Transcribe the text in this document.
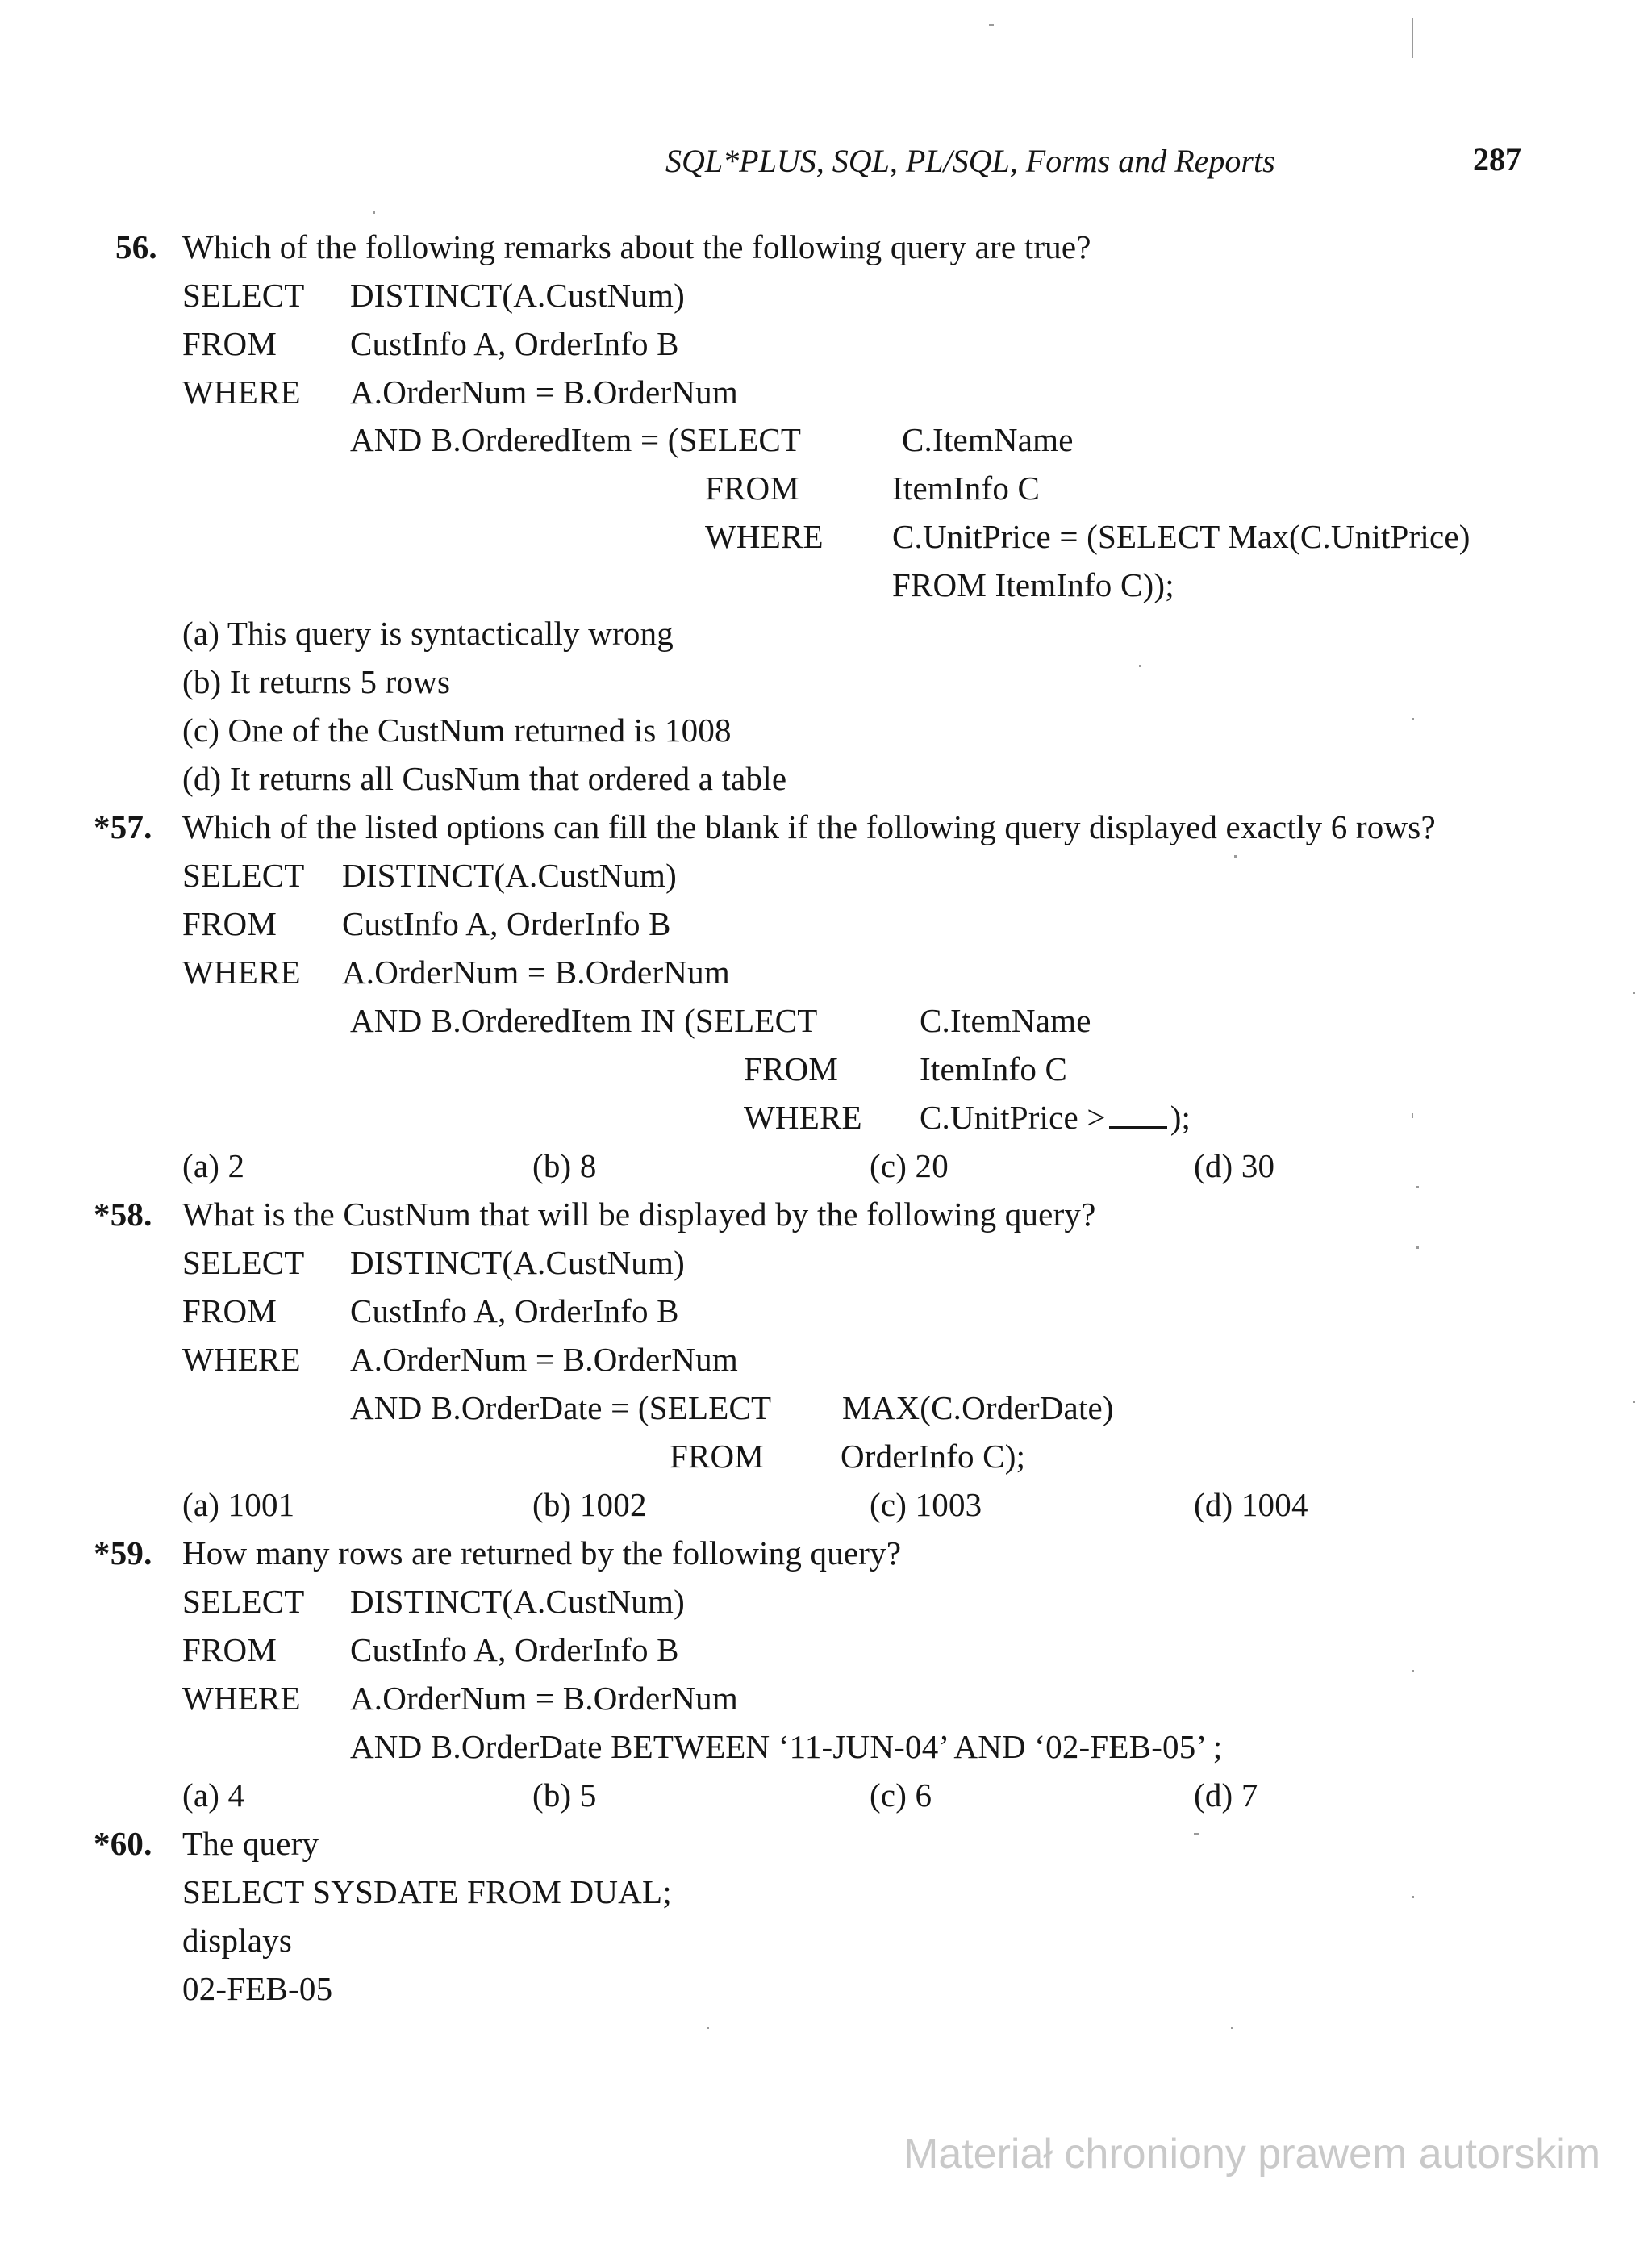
SQL*PLUS, SQL, PL/SQL, Forms and Reports	287
56. Which of the following remarks about the following query are true?
SELECT DISTINCT(A.CustNum)
FROM CustInfo A, OrderInfo B
WHERE A.OrderNum = B.OrderNum
AND B.OrderedItem = (SELECT	C.ItemName
FROM	ItemInfo C
WHERE C.UnitPrice = (SELECT Max(C.UnitPrice)
FROM ItemInfo C));
(a) This query is syntactically wrong
(b) It returns 5 rows
(c) One of the CustNum returned is 1008
(d) It returns all CusNum that ordered a table
*57. Which of the listed options can fill the blank if the following query displayed exactly 6 rows?
SELECT DISTINCT(A.CustNum)
FROM CustInfo A, OrderInfo B
WHERE A.OrderNum = B.OrderNum
AND B.OrderedItem IN (SELECT	C.ItemName
FROM ItemInfo C
WHERE C.UnitPrice > );
(a) 2	(b) 8	(c) 20	(d) 30
*58. What is the CustNum that will be displayed by the following query?
SELECT DISTINCT(A.CustNum)
FROM CustInfo A, OrderInfo B
WHERE A.OrderNum = B.OrderNum
AND B.OrderDate = (SELECT MAX(C.OrderDate)
FROM OrderInfo C);
(a) 1001	(b) 1002	(c) 1003	(d) 1004
*59. How many rows are returned by the following query?
SELECT DISTINCT(A.CustNum)
FROM CustInfo A, OrderInfo B
WHERE A.OrderNum = B.OrderNum
AND B.OrderDate BETWEEN ‘11-JUN-04’ AND ‘02-FEB-05’ ;
(a) 4	(b) 5	(c) 6	(d) 7
*60. The query
SELECT SYSDATE FROM DUAL;
displays
02-FEB-05
Materiał chroniony prawem autorskim
